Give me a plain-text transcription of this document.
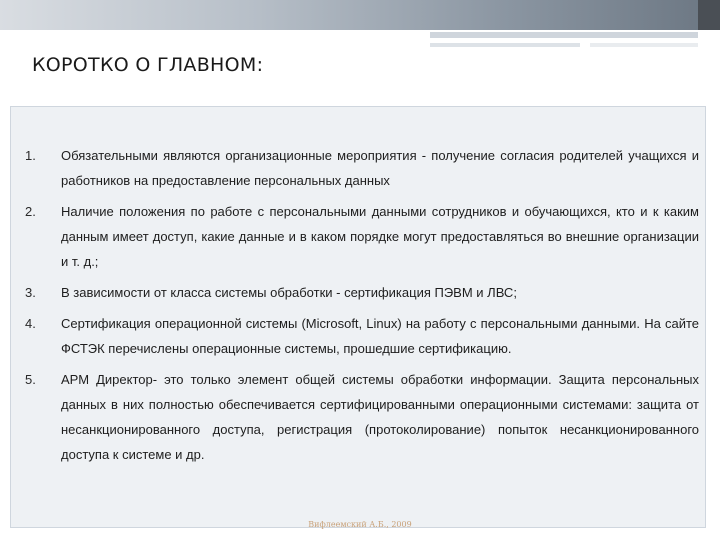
КОРОТКО О ГЛАВНОМ:
1. Обязательными являются организационные мероприятия - получение согласия родителей учащихся и работников на предоставление персональных данных
2. Наличие положения по работе с персональными данными сотрудников и обучающихся, кто и к каким данным имеет доступ, какие данные и в каком порядке могут предоставляться во внешние организации и т. д.;
3. В зависимости от класса системы обработки - сертификация ПЭВМ и ЛВС;
4. Сертификация операционной системы (Microsoft, Linux) на работу с персональными данными. На сайте ФСТЭК перечислены операционные системы, прошедшие сертификацию.
5. АРМ Директор- это только элемент общей системы обработки информации. Защита персональных данных в них полностью обеспечивается сертифицированными операционными системами: защита от несанкционированного доступа, регистрация (протоколирование) попыток несанкционированного доступа к системе и др.
Вифлеемский А.Б., 2009
